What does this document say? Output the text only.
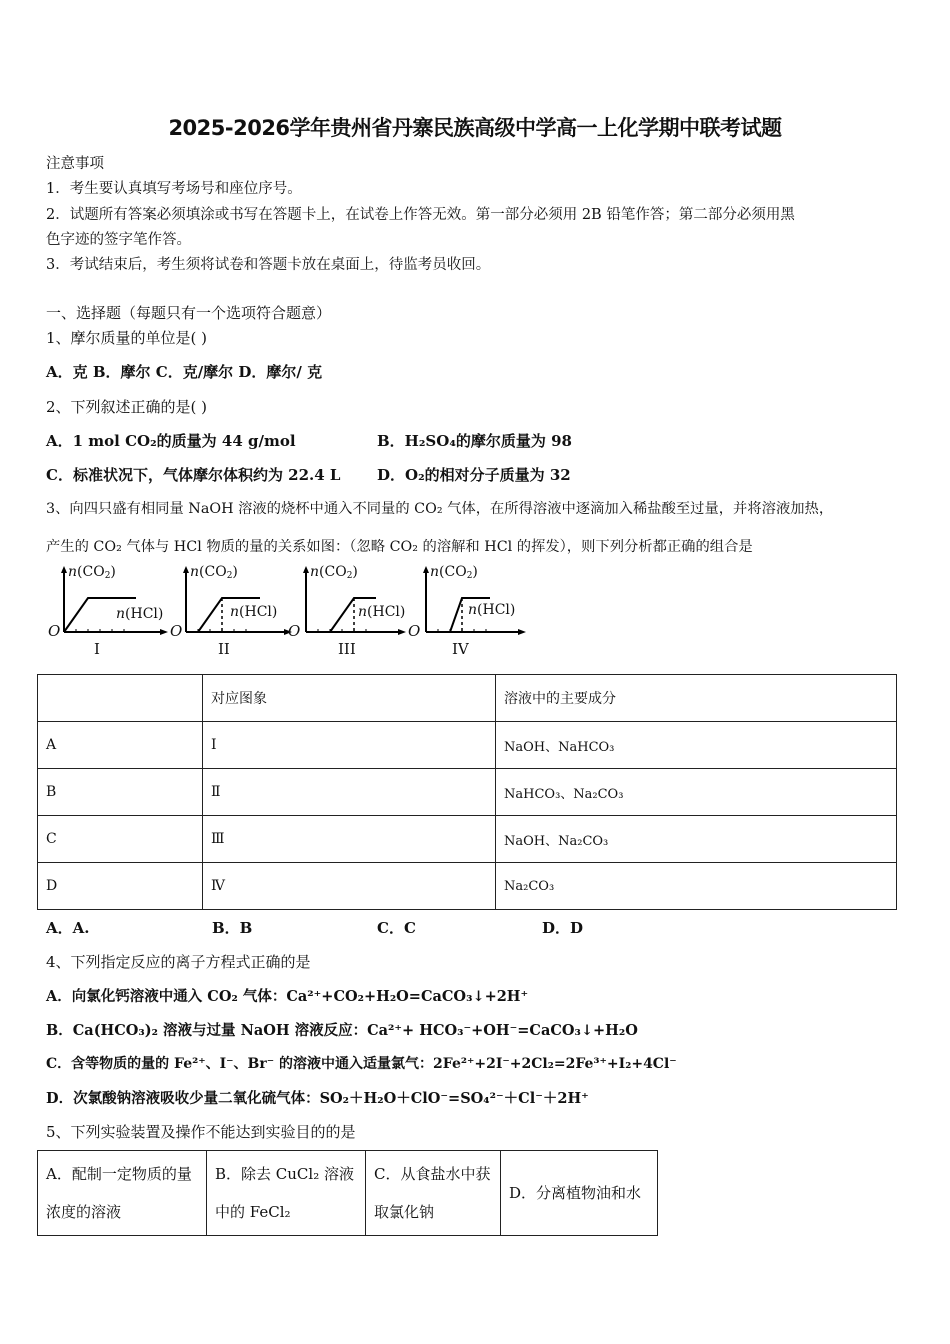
2025-2026学年贵州省丹寨民族高级中学高一上化学期中联考试题
注意事项
1．考生要认真填写考场号和座位序号。
2．试题所有答案必须填涂或书写在答题卡上，在试卷上作答无效。第一部分必须用 2B 铅笔作答；第二部分必须用黑
色字迹的签字笔作答。
3．考试结束后，考生须将试卷和答题卡放在桌面上，待监考员收回。
一、选择题（每题只有一个选项符合题意）
1、摩尔质量的单位是( )
A．克 B．摩尔 C．克/摩尔 D．摩尔/ 克
2、下列叙述正确的是( )
A．1 mol CO₂的质量为 44 g/mol	B．H₂SO₄的摩尔质量为 98
C．标准状况下，气体摩尔体积约为 22.4 L D．O₂的相对分子质量为 32
3、向四只盛有相同量 NaOH 溶液的烧杯中通入不同量的 CO₂ 气体，在所得溶液中逐滴加入稀盐酸至过量，并将溶液加热，
产生的 CO₂ 气体与 HCl 物质的量的关系如图：（忽略 CO₂ 的溶解和 HCl 的挥发），则下列分析都正确的组合是
$n(CO_2)$
n(HCl)
O
I
$n(CO_2)$
n(HCl)
O
II
$n(CO_2)$
n(HCl)
O
III
$n(CO_2)$
n(HCl)
O
IV
	对应图象	溶液中的主要成分
A	Ⅰ	NaOH、NaHCO₃
B	Ⅱ	NaHCO₃、Na₂CO₃
C	Ⅲ	NaOH、Na₂CO₃
D	Ⅳ	Na₂CO₃
A．A.	B．B	C．C	D．D
4、下列指定反应的离子方程式正确的是
A．向氯化钙溶液中通入 CO₂ 气体：Ca²⁺+CO₂+H₂O=CaCO₃↓+2H⁺
B．Ca(HCO₃)₂ 溶液与过量 NaOH 溶液反应：Ca²⁺+ HCO₃⁻+OH⁻=CaCO₃↓+H₂O
C．含等物质的量的 Fe²⁺、I⁻、Br⁻ 的溶液中通入适量氯气：2Fe²⁺+2I⁻+2Cl₂=2Fe³⁺+I₂+4Cl⁻
D．次氯酸钠溶液吸收少量二氧化硫气体：SO₂＋H₂O＋ClO⁻=SO₄²⁻＋Cl⁻＋2H⁺
5、下列实验装置及操作不能达到实验目的的是
A．配制一定物质的量浓度的溶液	B．除去 CuCl₂ 溶液中的 FeCl₂	C．从食盐水中获取氯化钠	D．分离植物油和水
